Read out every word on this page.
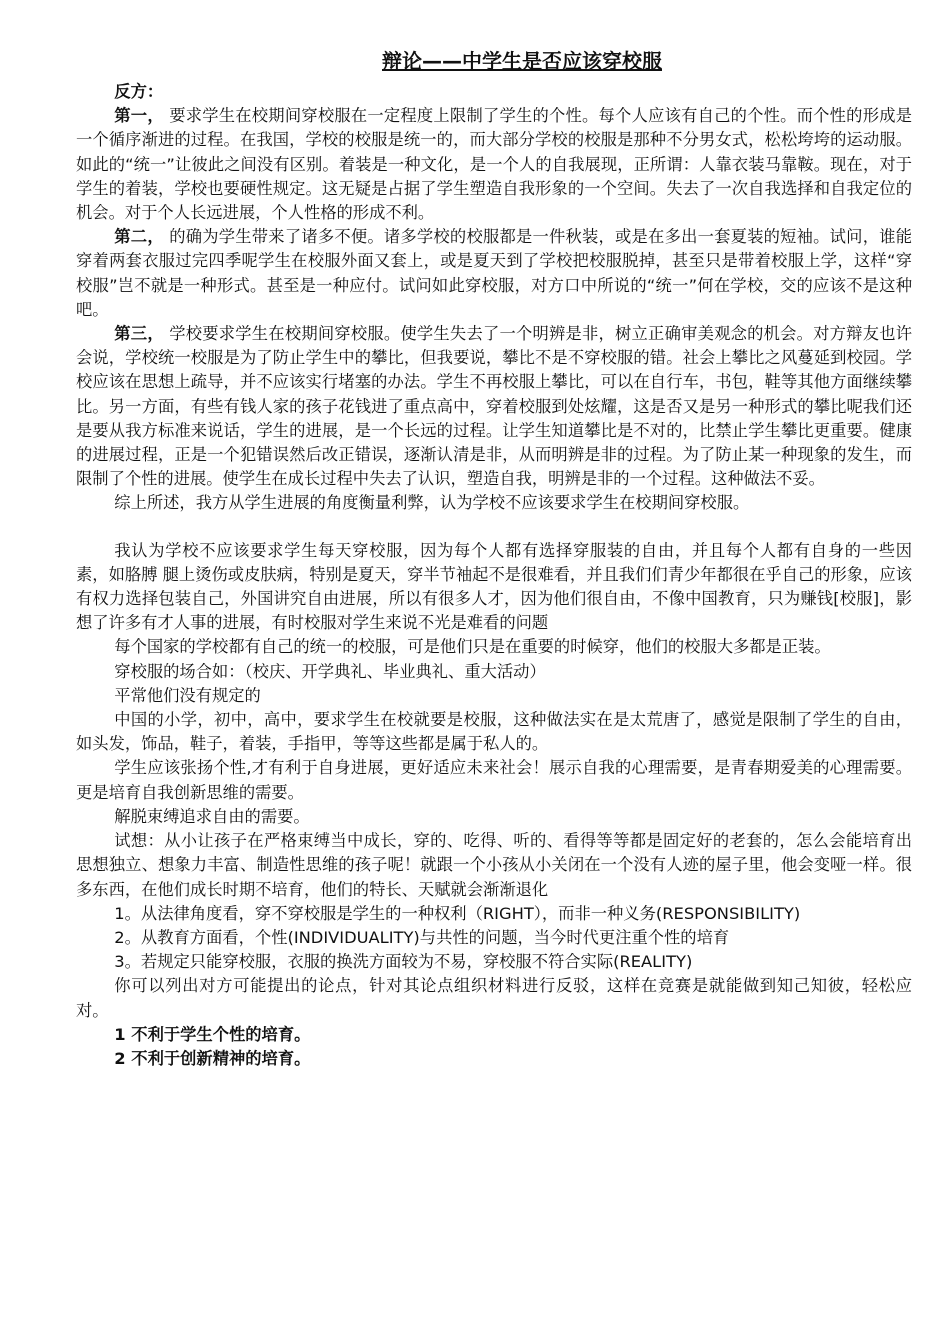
辩论——中学生是否应该穿校服

反方：

第一， 要求学生在校期间穿校服在一定程度上限制了学生的个性。每个人应该有自己的个性。而个性的形成是一个循序渐进的过程。在我国，学校的校服是统一的，而大部分学校的校服是那种不分男女式，松松垮垮的运动服。如此的“统一”让彼此之间没有区别。着装是一种文化，是一个人的自我展现，正所谓：人靠衣装马靠鞍。现在，对于学生的着装，学校也要硬性规定。这无疑是占据了学生塑造自我形象的一个空间。失去了一次自我选择和自我定位的机会。对于个人长远进展，个人性格的形成不利。

第二， 的确为学生带来了诸多不便。诸多学校的校服都是一件秋装，或是在多出一套夏装的短袖。试问，谁能穿着两套衣服过完四季呢学生在校服外面又套上，或是夏天到了学校把校服脱掉，甚至只是带着校服上学，这样“穿校服”岂不就是一种形式。甚至是一种应付。试问如此穿校服，对方口中所说的“统一”何在学校，交的应该不是这种吧。

第三， 学校要求学生在校期间穿校服。使学生失去了一个明辨是非，树立正确审美观念的机会。对方辩友也许会说，学校统一校服是为了防止学生中的攀比，但我要说，攀比不是不穿校服的错。社会上攀比之风蔓延到校园。学校应该在思想上疏导，并不应该实行堵塞的办法。学生不再校服上攀比，可以在自行车，书包，鞋等其他方面继续攀比。另一方面，有些有钱人家的孩子花钱进了重点高中，穿着校服到处炫耀，这是否又是另一种形式的攀比呢我们还是要从我方标准来说话，学生的进展，是一个长远的过程。让学生知道攀比是不对的，比禁止学生攀比更重要。健康的进展过程，正是一个犯错误然后改正错误，逐渐认清是非，从而明辨是非的过程。为了防止某一种现象的发生，而限制了个性的进展。使学生在成长过程中失去了认识，塑造自我，明辨是非的一个过程。这种做法不妥。

综上所述，我方从学生进展的角度衡量利弊，认为学校不应该要求学生在校期间穿校服。

我认为学校不应该要求学生每天穿校服，因为每个人都有选择穿服装的自由，并且每个人都有自身的一些因素，如胳膊 腿上烫伤或皮肤病，特别是夏天，穿半节袖起不是很难看，并且我们们青少年都很在乎自己的形象，应该有权力选择包装自己，外国讲究自由进展，所以有很多人才，因为他们很自由，不像中国教育，只为赚钱[校服]，影想了许多有才人事的进展，有时校服对学生来说不光是难看的问题

每个国家的学校都有自己的统一的校服，可是他们只是在重要的时候穿，他们的校服大多都是正装。

穿校服的场合如：（校庆、开学典礼、毕业典礼、重大活动）

平常他们没有规定的

中国的小学，初中，高中，要求学生在校就要是校服，这种做法实在是太荒唐了，感觉是限制了学生的自由，如头发，饰品，鞋子，着装，手指甲，等等这些都是属于私人的。

学生应该张扬个性,才有利于自身进展，更好适应未来社会！展示自我的心理需要，是青春期爱美的心理需要。更是培育自我创新思维的需要。

解脱束缚追求自由的需要。

试想：从小让孩子在严格束缚当中成长，穿的、吃得、听的、看得等等都是固定好的老套的，怎么会能培育出思想独立、想象力丰富、制造性思维的孩子呢！就跟一个小孩从小关闭在一个没有人迹的屋子里，他会变哑一样。很多东西，在他们成长时期不培育，他们的特长、天赋就会渐渐退化

1。从法律角度看，穿不穿校服是学生的一种权利（RIGHT），而非一种义务(RESPONSIBILITY)

2。从教育方面看，个性(INDIVIDUALITY)与共性的问题，当今时代更注重个性的培育

3。若规定只能穿校服，衣服的换洗方面较为不易，穿校服不符合实际(REALITY)

你可以列出对方可能提出的论点，针对其论点组织材料进行反驳，这样在竞赛是就能做到知己知彼，轻松应对。

1 不利于学生个性的培育。

2 不利于创新精神的培育。
